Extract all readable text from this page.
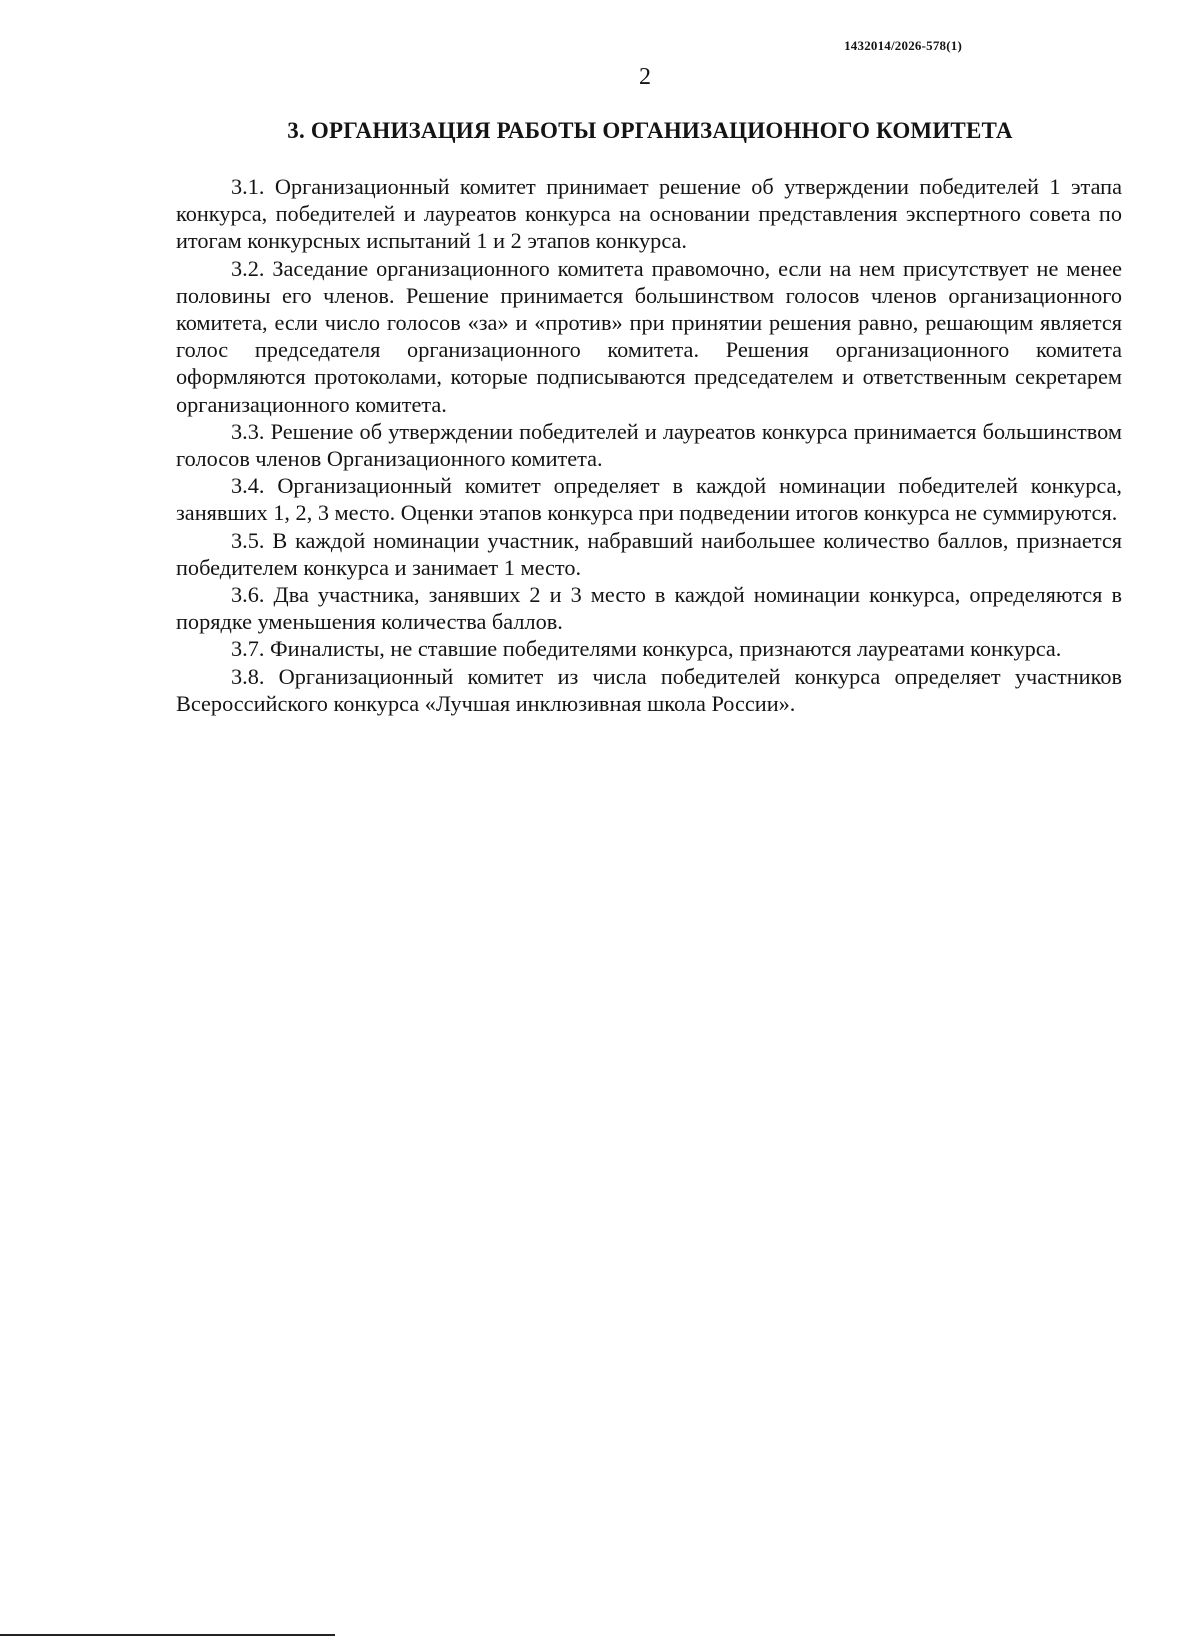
1432014/2026-578(1)
2
3. ОРГАНИЗАЦИЯ РАБОТЫ ОРГАНИЗАЦИОННОГО КОМИТЕТА

3.1. Организационный комитет принимает решение об утверждении победителей 1 этапа конкурса, победителей и лауреатов конкурса на основании представления экспертного совета по итогам конкурсных испытаний 1 и 2 этапов конкурса.

3.2. Заседание организационного комитета правомочно, если на нем присутствует не менее половины его членов. Решение принимается большинством голосов членов организационного комитета, если число голосов «за» и «против» при принятии решения равно, решающим является голос председателя организационного комитета. Решения организационного комитета оформляются протоколами, которые подписываются председателем и ответственным секретарем организационного комитета.

3.3. Решение об утверждении победителей и лауреатов конкурса принимается большинством голосов членов Организационного комитета.

3.4. Организационный комитет определяет в каждой номинации победителей конкурса, занявших 1, 2, 3 место. Оценки этапов конкурса при подведении итогов конкурса не суммируются.

3.5. В каждой номинации участник, набравший наибольшее количество баллов, признается победителем конкурса и занимает 1 место.

3.6. Два участника, занявших 2 и 3 место в каждой номинации конкурса, определяются в порядке уменьшения количества баллов.

3.7. Финалисты, не ставшие победителями конкурса, признаются лауреатами конкурса.

3.8. Организационный комитет из числа победителей конкурса определяет участников Всероссийского конкурса «Лучшая инклюзивная школа России».
